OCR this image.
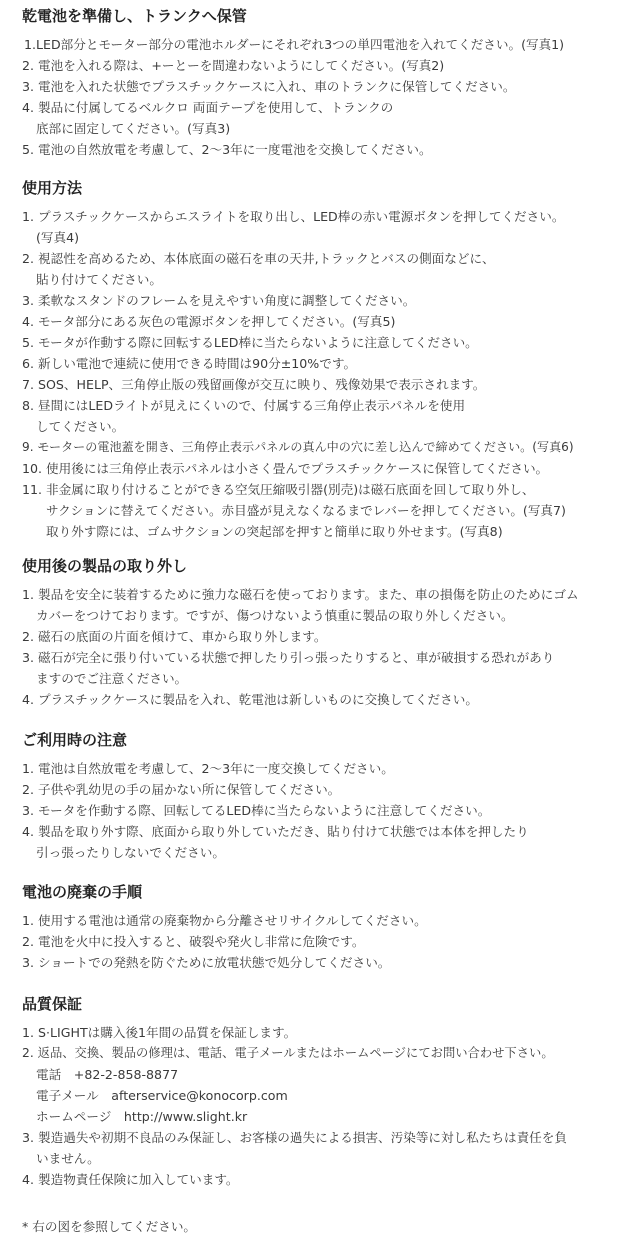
乾電池を準備し、トランクへ保管
1.LED部分とモーター部分の電池ホルダーにそれぞれ3つの単四電池を入れてください。(写真1)
2. 電池を入れる際は、+ーとーを間違わないようにしてください。(写真2)
3. 電池を入れた状態でプラスチックケースに入れ、車のトランクに保管してください。
4. 製品に付属してるベルクロ 両面テープを使用して、トランクの
底部に固定してください。(写真3)
5. 電池の自然放電を考慮して、2〜3年に一度電池を交換してください。
使用方法
1. プラスチックケースからエスライトを取り出し、LED棒の赤い電源ボタンを押してください。
(写真4)
2. 視認性を高めるため、本体底面の磁石を車の天井,トラックとバスの側面などに、
貼り付けてください。
3. 柔軟なスタンドのフレームを見えやすい角度に調整してください。
4. モータ部分にある灰色の電源ボタンを押してください。(写真5)
5. モータが作動する際に回転するLED棒に当たらないように注意してください。
6. 新しい電池で連続に使用できる時間は90分±10%です。
7. SOS、HELP、三角停止版の残留画像が交互に映り、残像効果で表示されます。
8. 昼間にはLEDライトが見えにくいので、付属する三角停止表示パネルを使用
してください。
9. モーターの電池蓋を開き、三角停止表示パネルの真ん中の穴に差し込んで締めてください。(写真6)
10. 使用後には三角停止表示パネルは小さく畳んでプラスチックケースに保管してください。
11. 非金属に取り付けることができる空気圧縮吸引器(別売)は磁石底面を回して取り外し、
サクションに替えてください。赤目盛が見えなくなるまでレバーを押してください。(写真7)
取り外す際には、ゴムサクションの突起部を押すと簡単に取り外せます。(写真8)
使用後の製品の取り外し
1. 製品を安全に装着するために強力な磁石を使っております。また、車の損傷を防止のためにゴム
カバーをつけております。ですが、傷つけないよう慎重に製品の取り外しください。
2. 磁石の底面の片面を傾けて、車から取り外します。
3. 磁石が完全に張り付いている状態で押したり引っ張ったりすると、車が破損する恐れがあり
ますのでご注意ください。
4. プラスチックケースに製品を入れ、乾電池は新しいものに交換してください。
ご利用時の注意
1. 電池は自然放電を考慮して、2〜3年に一度交換してください。
2. 子供や乳幼児の手の届かない所に保管してください。
3. モータを作動する際、回転してるLED棒に当たらないように注意してください。
4. 製品を取り外す際、底面から取り外していただき、貼り付けて状態では本体を押したり
引っ張ったりしないでください。
電池の廃棄の手順
1. 使用する電池は通常の廃棄物から分離させリサイクルしてください。
2. 電池を火中に投入すると、破裂や発火し非常に危険です。
3. ショートでの発熱を防ぐために放電状態で処分してください。
品質保証
1. S·LIGHTは購入後1年間の品質を保証します。
2. 返品、交換、製品の修理は、電話、電子メールまたはホームページにてお問い合わせ下さい。
電話　+82-2-858-8877
電子メール　afterservice@konocorp.com
ホームページ　http://www.slight.kr
3. 製造過失や初期不良品のみ保証し、お客様の過失による損害、汚染等に対し私たちは責任を負
いません。
4. 製造物責任保険に加入しています。
* 右の図を参照してください。
